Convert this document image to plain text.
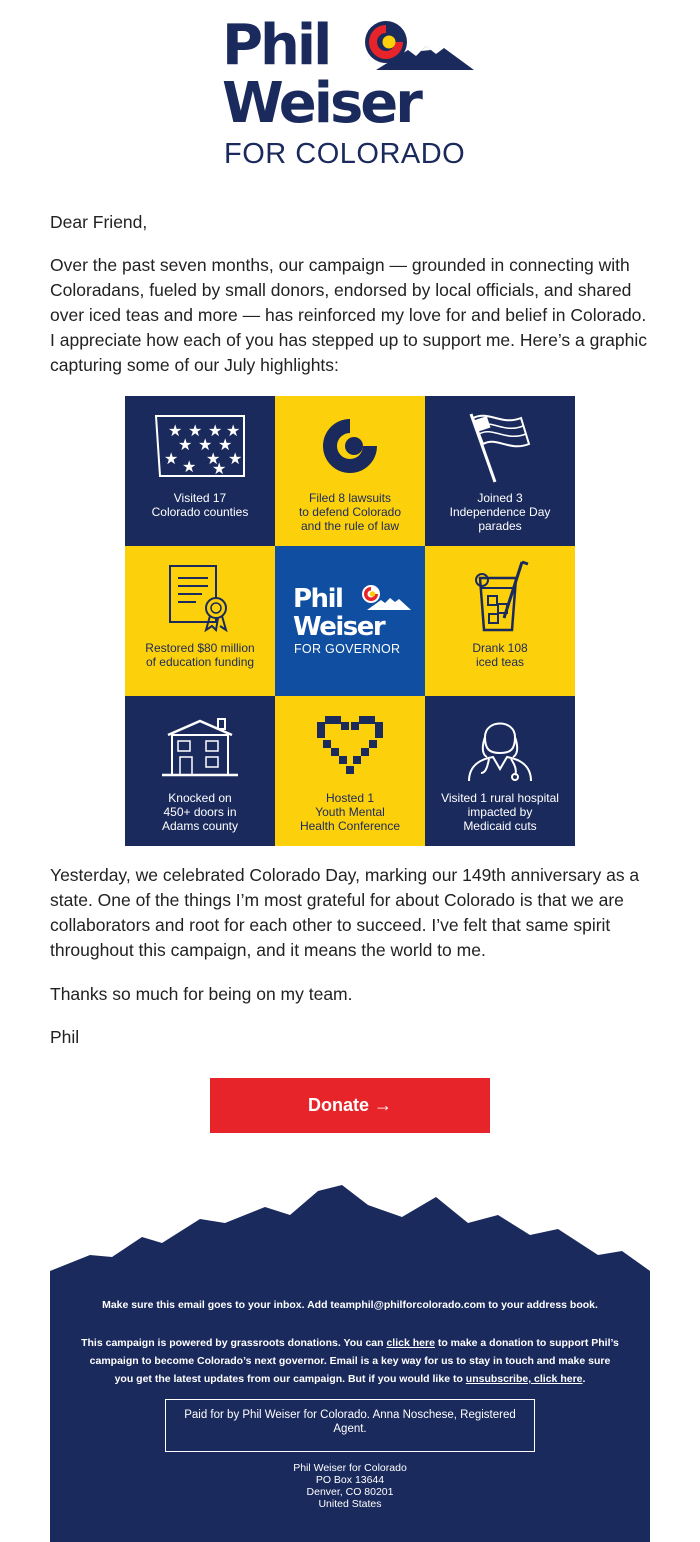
Phil
Weiser
FOR COLORADO

Dear Friend,

Over the past seven months, our campaign — grounded in connecting with Coloradans, fueled by small donors, endorsed by local officials, and shared over iced teas and more — has reinforced my love for and belief in Colorado. I appreciate how each of you has stepped up to support me. Here’s a graphic capturing some of our July highlights:

★ ★ ★ ★
★ ★ ★
★ ★ ★
★ ★
Visited 17
Colorado counties
Filed 8 lawsuits
to defend Colorado
and the rule of law
Joined 3
Independence Day
parades
Restored $80 million
of education funding
Phil
Weiser
FOR GOVERNOR	Drank 108
iced teas
Knocked on
450+ doors in
Adams county
Hosted 1
Youth Mental
Health Conference
Visited 1 rural hospital
impacted by
Medicaid cuts

Yesterday, we celebrated Colorado Day, marking our 149th anniversary as a state. One of the things I’m most grateful for about Colorado is that we are collaborators and root for each other to succeed. I’ve felt that same spirit throughout this campaign, and it means the world to me.

Thanks so much for being on my team.

Phil

Donate →

Make sure this email goes to your inbox. Add teamphil@philforcolorado.com to your address book.

This campaign is powered by grassroots donations. You can click here to make a donation to support Phil’s campaign to become Colorado’s next governor. Email is a key way for us to stay in touch and make sure you get the latest updates from our campaign. But if you would like to unsubscribe, click here.

Paid for by Phil Weiser for Colorado. Anna Noschese, Registered Agent.
Phil Weiser for Colorado
PO Box 13644
Denver, CO 80201
United States
